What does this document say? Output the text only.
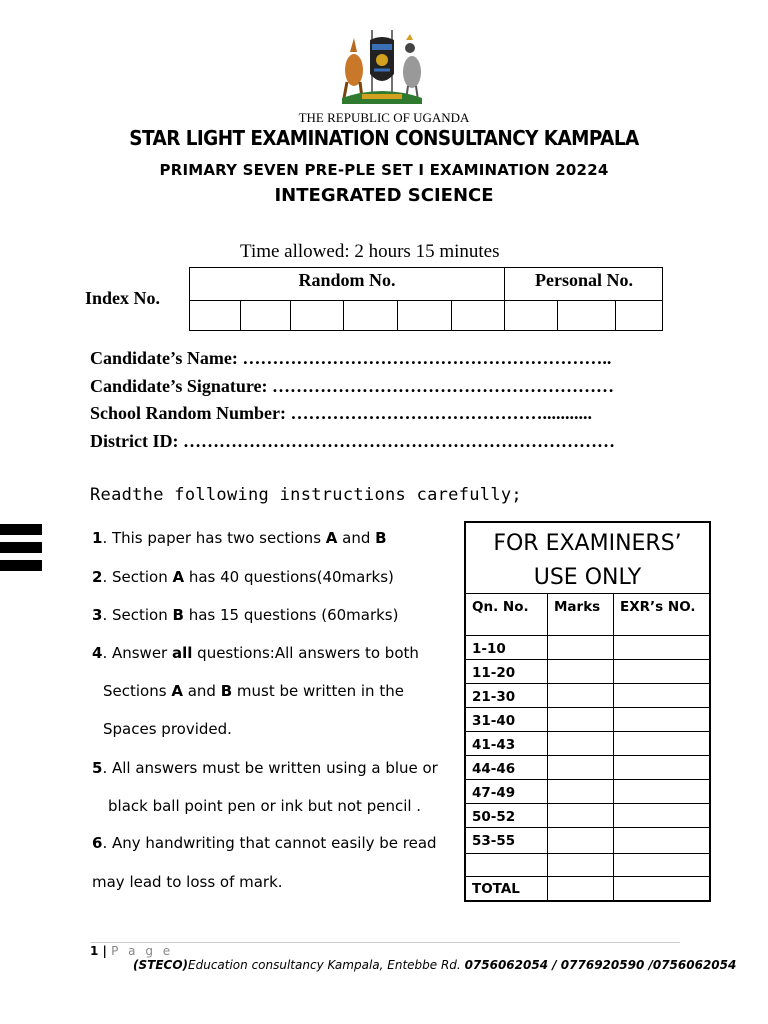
THE REPUBLIC OF UGANDA
STAR LIGHT EXAMINATION CONSULTANCY KAMPALA
PRIMARY SEVEN PRE-PLE SET I EXAMINATION 20224
INTEGRATED SCIENCE
Time allowed: 2 hours 15 minutes
Index No.
Random No.	Personal No.
Candidate’s Name: ……………………………………………………..
Candidate’s Signature: …………………………………………………
School Random Number: ……………………………………...........
District ID: ………………………………………………………………
Readthe following instructions carefully;
1. This paper has two sections A and B
2. Section A has 40 questions(40marks)
3. Section B has 15 questions (60marks)
4. Answer all questions:All answers to both
Sections A and B must be written in the
Spaces provided.
5. All answers must be written using a blue or
black ball point pen or ink but not pencil .
6. Any handwriting that cannot easily be read
may lead to loss of mark.
FOR EXAMINERS’
USE ONLY
Qn. No. Marks EXR’s NO.
1-10
11-20
21-30
31-40
41-43
44-46
47-49
50-52
53-55
TOTAL
1 | P a g e
(STECO)Education consultancy Kampala, Entebbe Rd. 0756062054 / 0776920590 /0756062054
